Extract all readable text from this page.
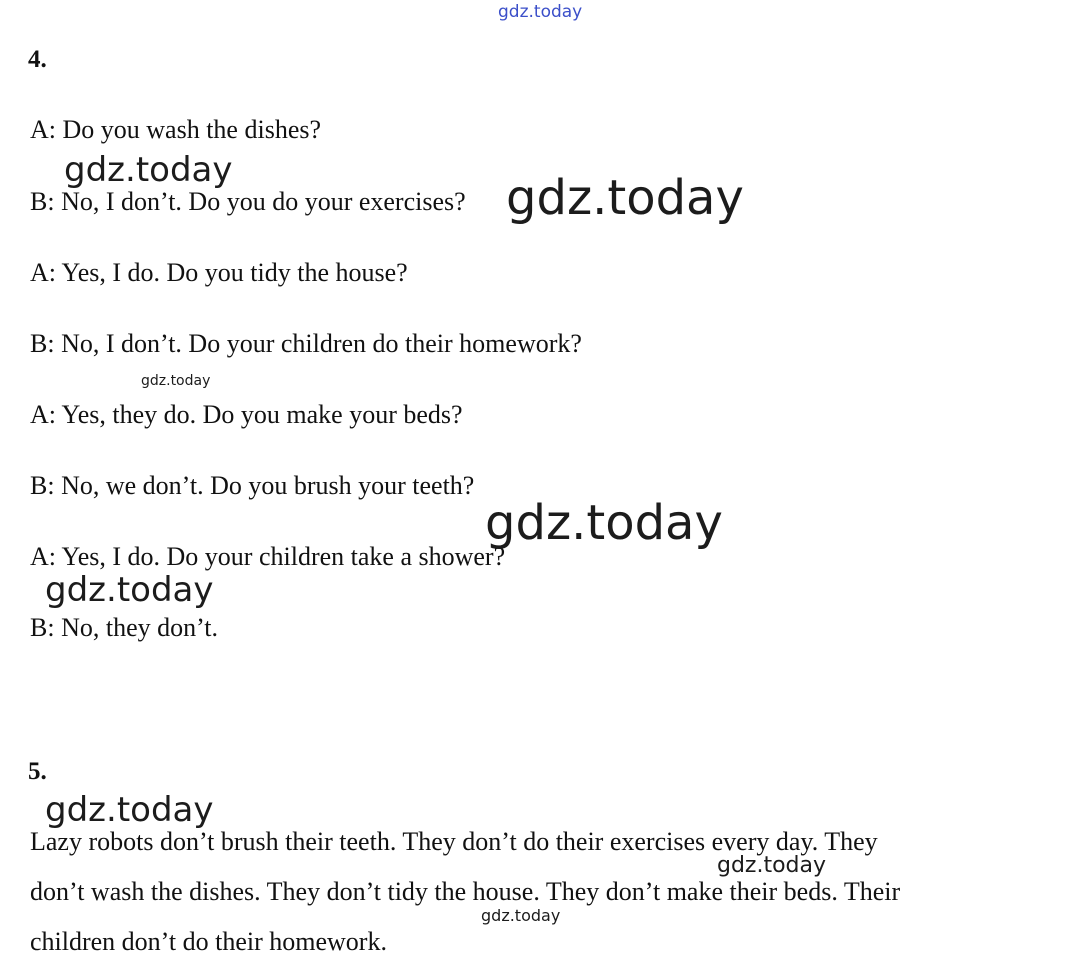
gdz.today
4.
A: Do you wash the dishes?
B: No, I don’t. Do you do your exercises?
A: Yes, I do. Do you tidy the house?
B: No, I don’t. Do your children do their homework?
A: Yes, they do. Do you make your beds?
B: No, we don’t. Do you brush your teeth?
A: Yes, I do. Do your children take a shower?
B: No, they don’t.
5.
Lazy robots don’t brush their teeth. They don’t do their exercises every day. They
don’t wash the dishes. They don’t tidy the house. They don’t make their beds. Their
children don’t do their homework.
gdz.today	gdz.today
gdz.today
gdz.today
gdz.today
gdz.today
gdz.today
gdz.today
